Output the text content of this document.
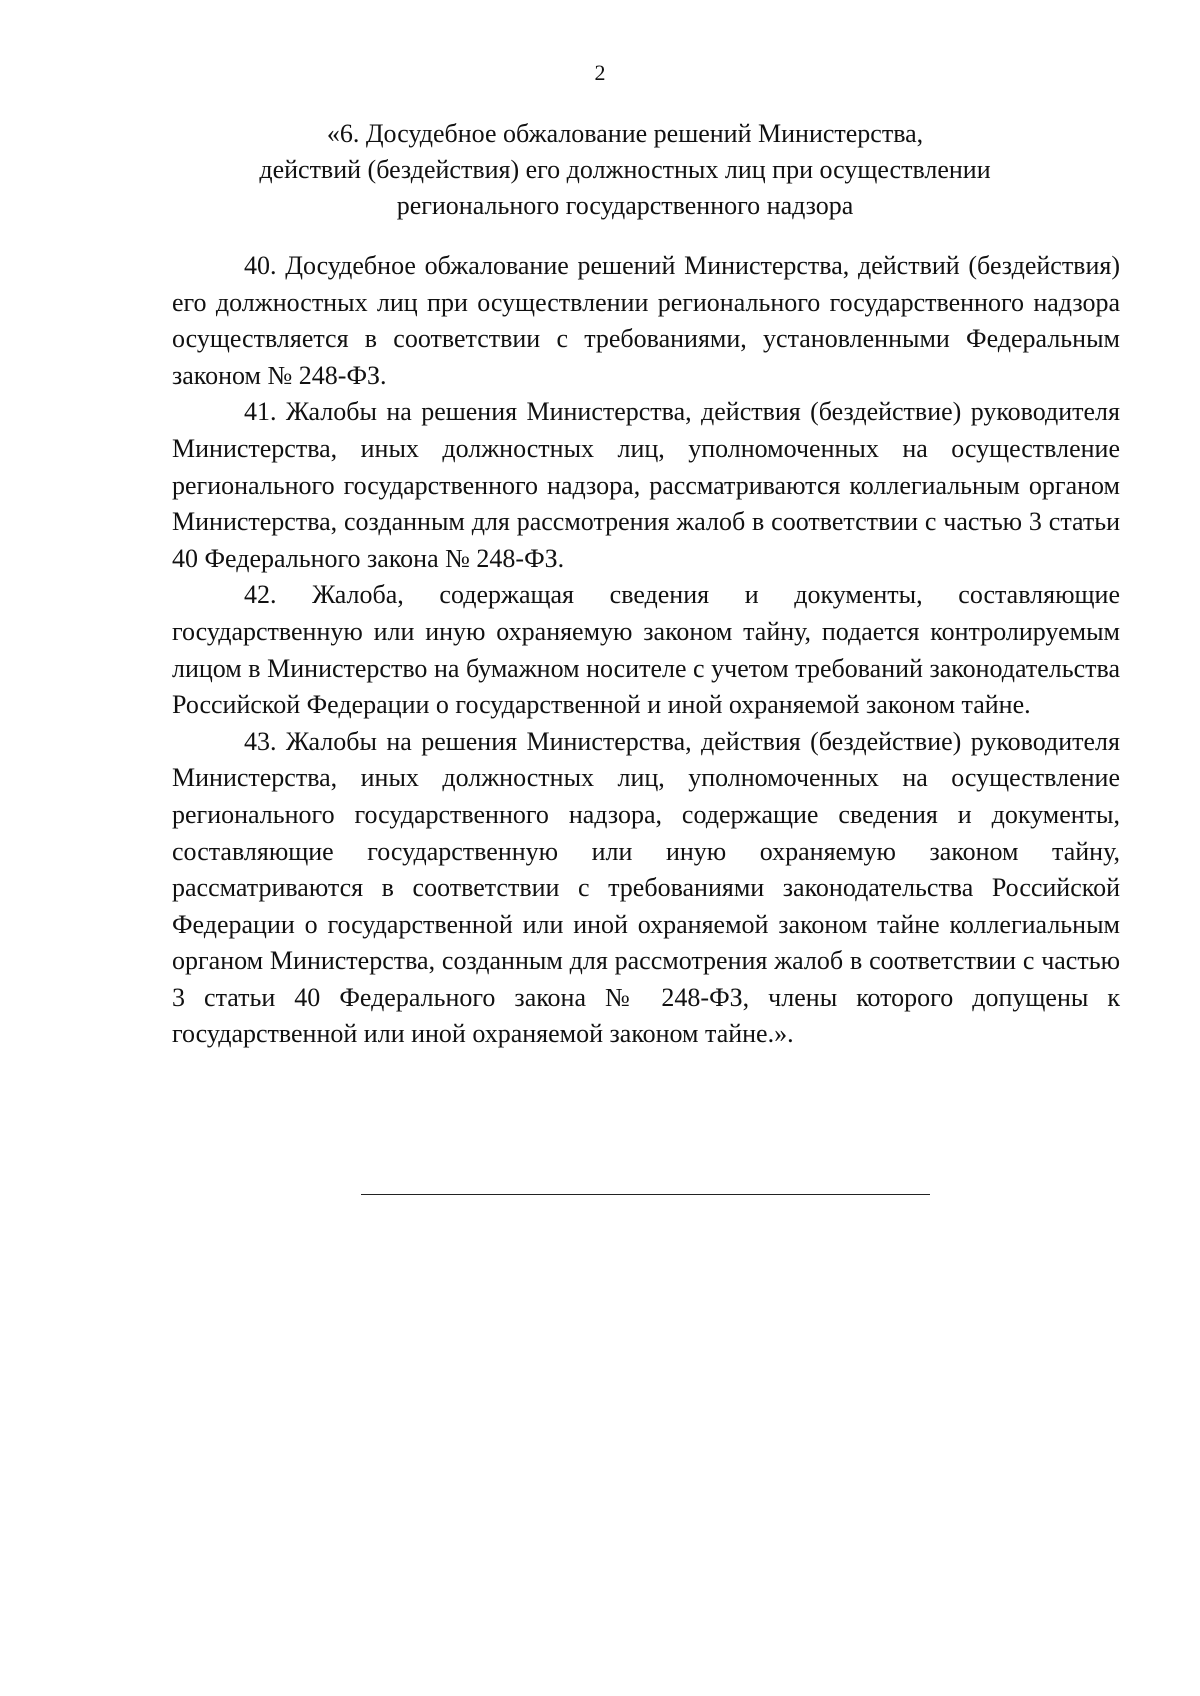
2
«6. Досудебное обжалование решений Министерства,
действий (бездействия) его должностных лиц при осуществлении
регионального государственного надзора

40. Досудебное обжалование решений Министерства, действий (бездействия) его должностных лиц при осуществлении регионального государственного надзора осуществляется в соответствии с требованиями, установленными Федеральным законом № 248-ФЗ.

41. Жалобы на решения Министерства, действия (бездействие) руководителя Министерства, иных должностных лиц, уполномоченных на осуществление регионального государственного надзора, рассматриваются коллегиальным органом Министерства, созданным для рассмотрения жалоб в соответствии с частью 3 статьи 40 Федерального закона № 248-ФЗ.

42. Жалоба, содержащая сведения и документы, составляющие государственную или иную охраняемую законом тайну, подается контролируемым лицом в Министерство на бумажном носителе с учетом требований законодательства Российской Федерации о государственной и иной охраняемой законом тайне.

43. Жалобы на решения Министерства, действия (бездействие) руководителя Министерства, иных должностных лиц, уполномоченных на осуществление регионального государственного надзора, содержащие сведения и документы, составляющие государственную или иную охраняемую законом тайну, рассматриваются в соответствии с требованиями законодательства Российской Федерации о государственной или иной охраняемой законом тайне коллегиальным органом Министерства, созданным для рассмотрения жалоб в соответствии с частью 3 статьи 40 Федерального закона № 248-ФЗ, члены которого допущены к государственной или иной охраняемой законом тайне.».
